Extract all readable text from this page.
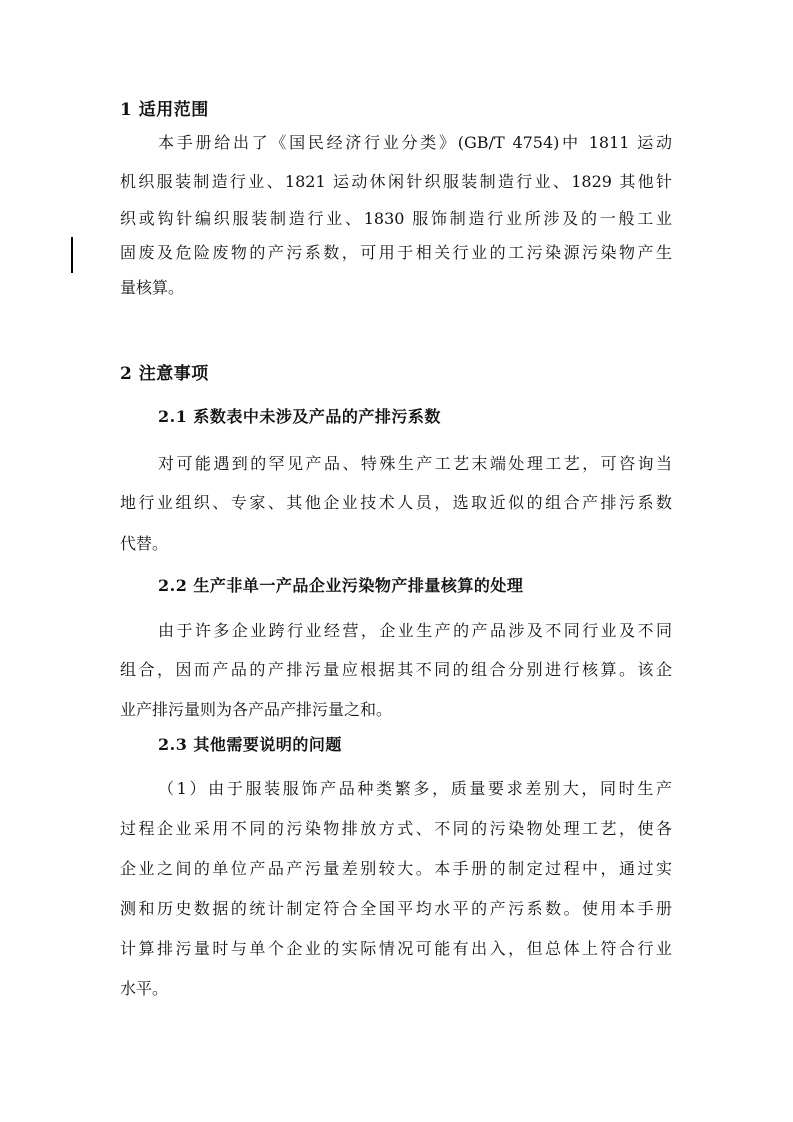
1 适用范围
本手册给出了《国民经济行业分类》(GB/T 4754)中 1811 运动
机织服装制造行业、1821 运动休闲针织服装制造行业、1829 其他针
织或钩针编织服装制造行业、1830 服饰制造行业所涉及的一般工业
固废及危险废物的产污系数，可用于相关行业的工污染源污染物产生
量核算。
2 注意事项
2.1 系数表中未涉及产品的产排污系数
对可能遇到的罕见产品、特殊生产工艺末端处理工艺，可咨询当
地行业组织、专家、其他企业技术人员，选取近似的组合产排污系数
代替。
2.2 生产非单一产品企业污染物产排量核算的处理
由于许多企业跨行业经营，企业生产的产品涉及不同行业及不同
组合，因而产品的产排污量应根据其不同的组合分别进行核算。该企
业产排污量则为各产品产排污量之和。
2.3 其他需要说明的问题
（1）由于服装服饰产品种类繁多，质量要求差别大，同时生产
过程企业采用不同的污染物排放方式、不同的污染物处理工艺，使各
企业之间的单位产品产污量差别较大。本手册的制定过程中，通过实
测和历史数据的统计制定符合全国平均水平的产污系数。使用本手册
计算排污量时与单个企业的实际情况可能有出入，但总体上符合行业
水平。
